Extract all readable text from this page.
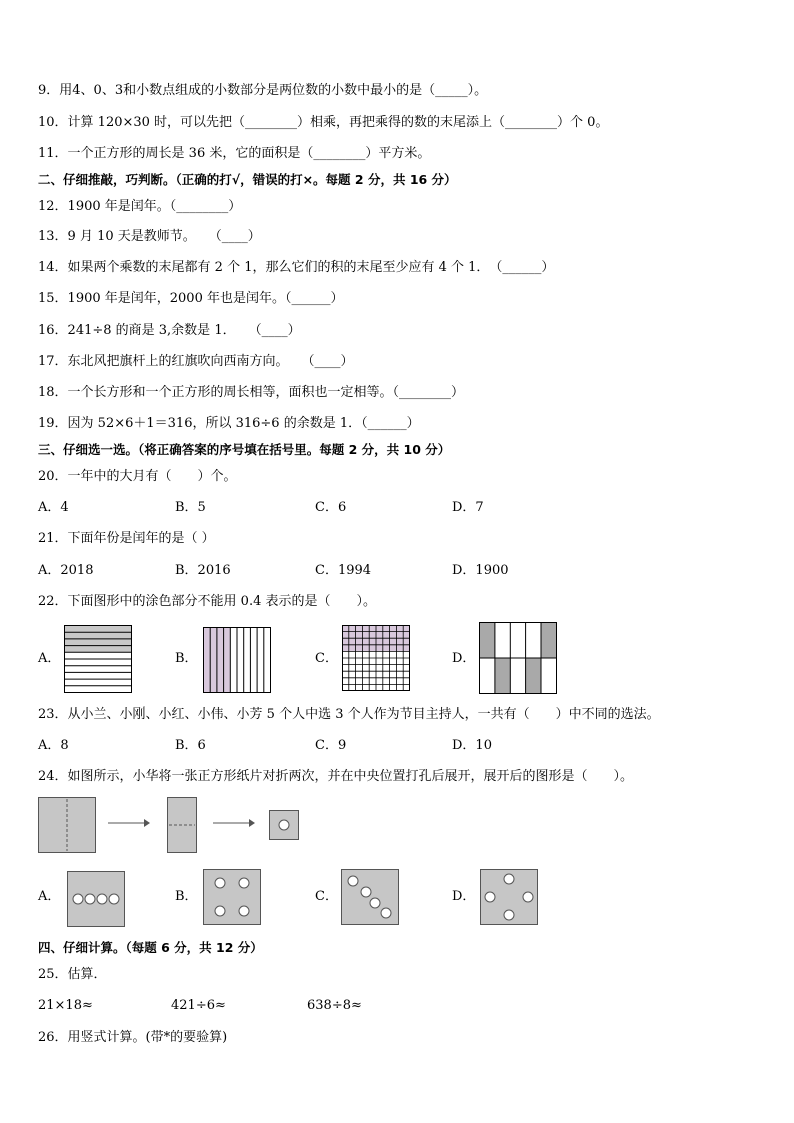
9．用4、0、3和小数点组成的小数部分是两位数的小数中最小的是（_____）。
10．计算 120×30 时，可以先把（________）相乘，再把乘得的数的末尾添上（________）个 0。
11．一个正方形的周长是 36 米，它的面积是（________）平方米。
二、仔细推敲，巧判断。（正确的打√，错误的打×。每题 2 分，共 16 分）
12．1900 年是闰年。（________）
13．9 月 10 天是教师节。　　（____）
14．如果两个乘数的末尾都有 2 个 1，那么它们的积的末尾至少应有 4 个 1．　（______）
15．1900 年是闰年，2000 年也是闰年。（______）
16．241÷8 的商是 3,余数是 1．　　（____）
17．东北风把旗杆上的红旗吹向西南方向。　　（____）
18．一个长方形和一个正方形的周长相等，面积也一定相等。（________）
19．因为 52×6＋1＝316，所以 316÷6 的余数是 1．（______）
三、仔细选一选。（将正确答案的序号填在括号里。每题 2 分，共 10 分）
20．一年中的大月有（　　）个。
A．4	B．5	C．6	D．7
21．下面年份是闰年的是（ ）
A．2018	B．2016	C．1994	D．1900
22．下面图形中的涂色部分不能用 0.4 表示的是（　　）。
A．	B．	C．	D．
23．从小兰、小刚、小红、小伟、小芳 5 个人中选 3 个人作为节目主持人，一共有（　　）中不同的选法。
A．8	B．6	C．9	D．10
24．如图所示，小华将一张正方形纸片对折两次，并在中央位置打孔后展开，展开后的图形是（　　）。
A．	B．	C．	D．
四、仔细计算。（每题 6 分，共 12 分）
25．估算．
21×18≈	421÷6≈	638÷8≈
26．用竖式计算。(带*的要验算)
